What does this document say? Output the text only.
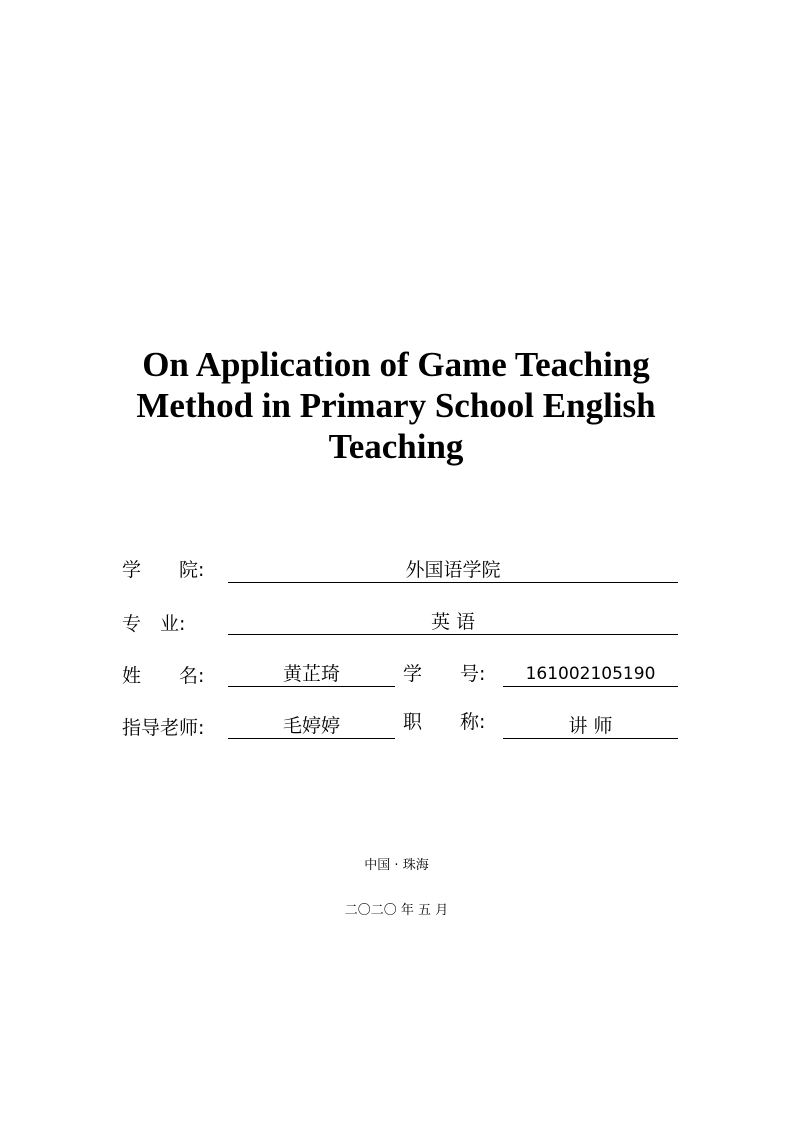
On Application of Game Teaching
Method in Primary School English
Teaching
学　　院:	外国语学院
专　业:	英 语
姓　　名:	黄芷琦	学　　号:	161002105190
指导老师:	毛婷婷	职　　称:	讲 师
中国 · 珠海
二〇二〇 年 五 月
